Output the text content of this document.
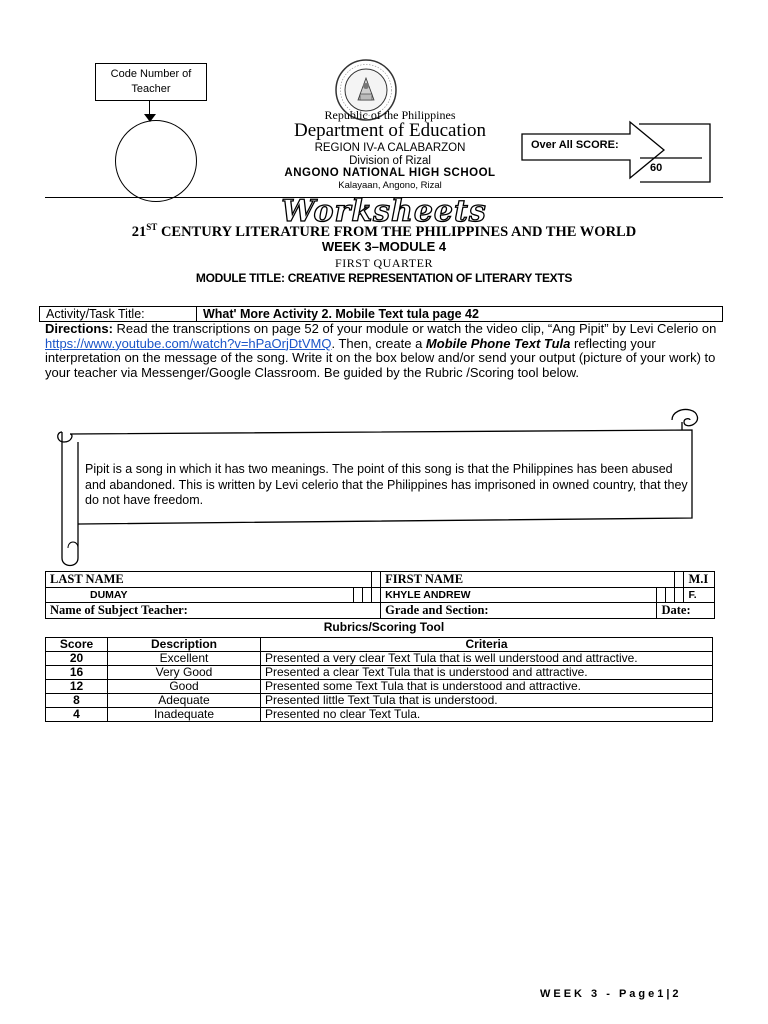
Code Number of
Teacher
Republic of the Philippines
Department of Education
REGION IV-A CALABARZON
Division of Rizal
ANGONO NATIONAL HIGH SCHOOL
Kalayaan, Angono, Rizal
Over All SCORE:
60
Worksheets
21ST CENTURY LITERATURE FROM THE PHILIPPINES AND THE WORLD
WEEK 3–MODULE 4
FIRST QUARTER
MODULE TITLE: CREATIVE REPRESENTATION OF LITERARY TEXTS
Activity/Task Title:	What' More Activity 2. Mobile Text tula page 42
Directions: Read the transcriptions on page 52 of your module or watch the video clip, “Ang Pipit” by Levi Celerio on https://www.youtube.com/watch?v=hPaOrjDtVMQ. Then, create a Mobile Phone Text Tula reflecting your interpretation on the message of the song. Write it on the box below and/or send your output (picture of your work) to your teacher via Messenger/Google Classroom. Be guided by the Rubric /Scoring tool below.
Pipit is a song in which it has two meanings. The point of this song is that the Philippines has been abused and abandoned. This is written by Levi celerio that the Philippines has imprisoned in owned country, that they do not have freedom.
LAST NAME				FIRST NAME				M.I
DUMAY				KHYLE ANDREW				F.
Name of Subject Teacher:				Grade and Section:	Date:			
Rubrics/Scoring Tool
Score	Description	Criteria
20	Excellent	Presented a very clear Text Tula that is well understood and attractive.
16	Very Good	Presented a clear Text Tula that is understood and attractive.
12	Good	Presented some Text Tula that is understood and attractive.
8	Adequate	Presented little Text Tula that is understood.
4	Inadequate	Presented no clear Text Tula.
WEEK 3 - Page1|2
